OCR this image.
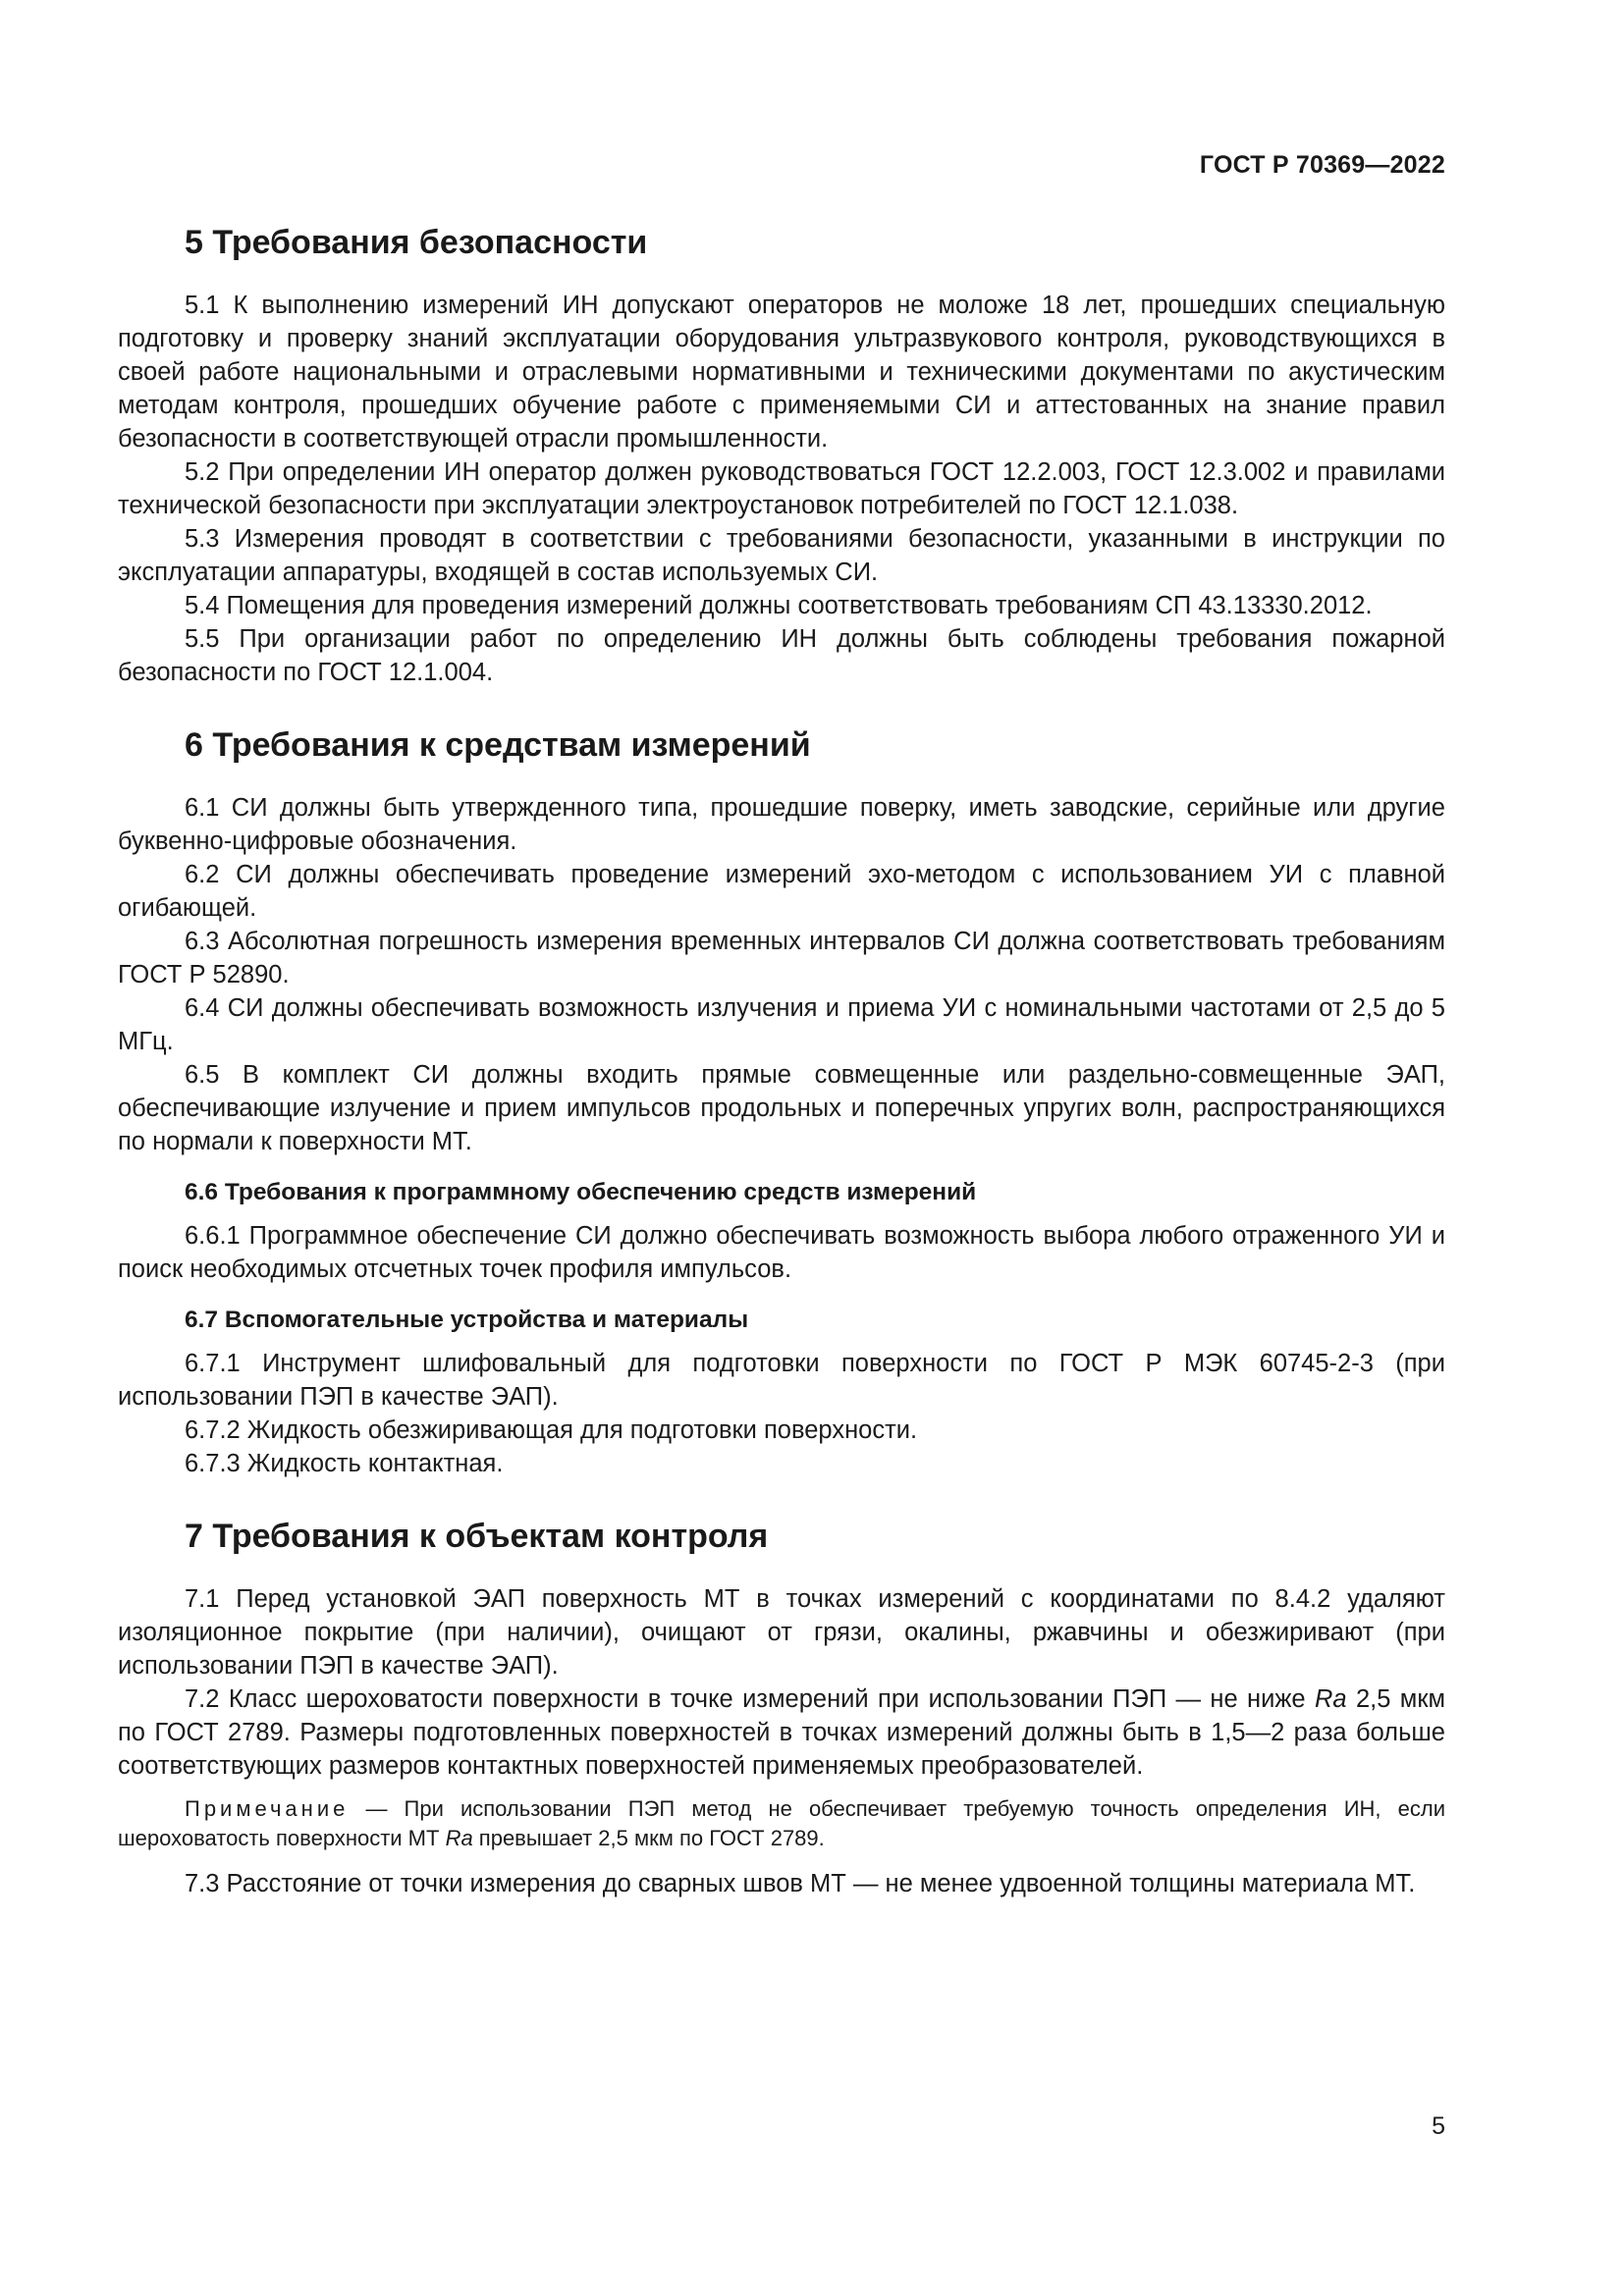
ГОСТ Р 70369—2022
5 Требования безопасности

5.1 К выполнению измерений ИН допускают операторов не моложе 18 лет, прошедших специальную подготовку и проверку знаний эксплуатации оборудования ультразвукового контроля, руководствующихся в своей работе национальными и отраслевыми нормативными и техническими документами по акустическим методам контроля, прошедших обучение работе с применяемыми СИ и аттестованных на знание правил безопасности в соответствующей отрасли промышленности.

5.2 При определении ИН оператор должен руководствоваться ГОСТ 12.2.003, ГОСТ 12.3.002 и правилами технической безопасности при эксплуатации электроустановок потребителей по ГОСТ 12.1.038.

5.3 Измерения проводят в соответствии с требованиями безопасности, указанными в инструкции по эксплуатации аппаратуры, входящей в состав используемых СИ.

5.4 Помещения для проведения измерений должны соответствовать требованиям СП 43.13330.2012.

5.5 При организации работ по определению ИН должны быть соблюдены требования пожарной безопасности по ГОСТ 12.1.004.

6 Требования к средствам измерений

6.1 СИ должны быть утвержденного типа, прошедшие поверку, иметь заводские, серийные или другие буквенно-цифровые обозначения.

6.2 СИ должны обеспечивать проведение измерений эхо-методом с использованием УИ с плавной огибающей.

6.3 Абсолютная погрешность измерения временных интервалов СИ должна соответствовать требованиям ГОСТ Р 52890.

6.4 СИ должны обеспечивать возможность излучения и приема УИ с номинальными частотами от 2,5 до 5 МГц.

6.5 В комплект СИ должны входить прямые совмещенные или раздельно-совмещенные ЭАП, обеспечивающие излучение и прием импульсов продольных и поперечных упругих волн, распространяющихся по нормали к поверхности МТ.

6.6 Требования к программному обеспечению средств измерений

6.6.1 Программное обеспечение СИ должно обеспечивать возможность выбора любого отраженного УИ и поиск необходимых отсчетных точек профиля импульсов.

6.7 Вспомогательные устройства и материалы

6.7.1 Инструмент шлифовальный для подготовки поверхности по ГОСТ Р МЭК 60745-2-3 (при использовании ПЭП в качестве ЭАП).

6.7.2 Жидкость обезжиривающая для подготовки поверхности.

6.7.3 Жидкость контактная.

7 Требования к объектам контроля

7.1 Перед установкой ЭАП поверхность МТ в точках измерений с координатами по 8.4.2 удаляют изоляционное покрытие (при наличии), очищают от грязи, окалины, ржавчины и обезжиривают (при использовании ПЭП в качестве ЭАП).

7.2 Класс шероховатости поверхности в точке измерений при использовании ПЭП — не ниже Ra 2,5 мкм по ГОСТ 2789. Размеры подготовленных поверхностей в точках измерений должны быть в 1,5—2 раза больше соответствующих размеров контактных поверхностей применяемых преобразователей.

Примечание — При использовании ПЭП метод не обеспечивает требуемую точность определения ИН, если шероховатость поверхности МТ Ra превышает 2,5 мкм по ГОСТ 2789.

7.3 Расстояние от точки измерения до сварных швов МТ — не менее удвоенной толщины материала МТ.

5
